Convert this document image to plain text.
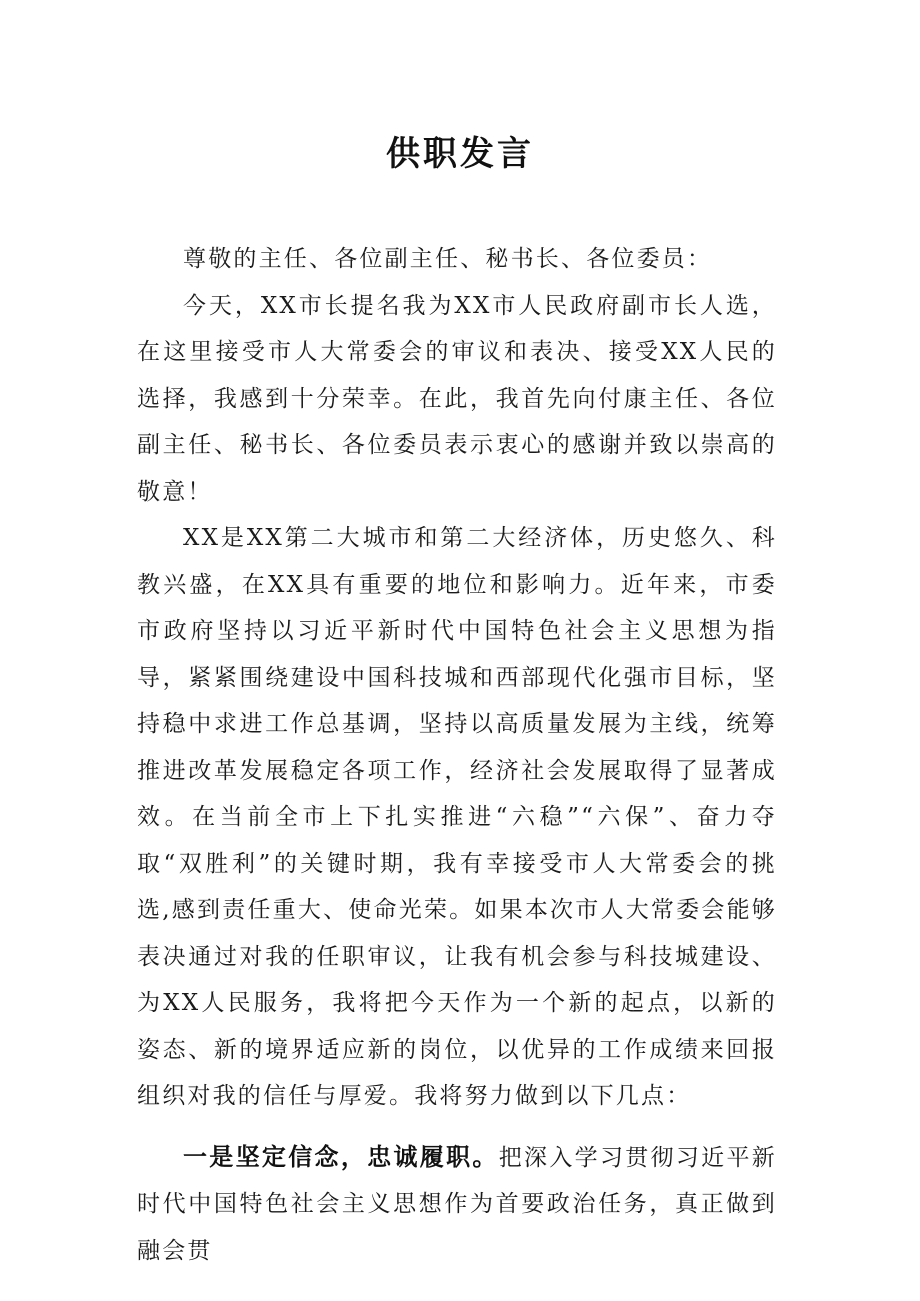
供职发言

尊敬的主任、各位副主任、秘书长、各位委员：

今天，XX市长提名我为XX市人民政府副市长人选，在这里接受市人大常委会的审议和表决、接受XX人民的选择，我感到十分荣幸。在此，我首先向付康主任、各位副主任、秘书长、各位委员表示衷心的感谢并致以崇高的敬意！

XX是XX第二大城市和第二大经济体，历史悠久、科教兴盛，在XX具有重要的地位和影响力。近年来，市委市政府坚持以习近平新时代中国特色社会主义思想为指导，紧紧围绕建设中国科技城和西部现代化强市目标，坚持稳中求进工作总基调，坚持以高质量发展为主线，统筹推进改革发展稳定各项工作，经济社会发展取得了显著成效。在当前全市上下扎实推进“六稳”“六保”、奋力夺取“双胜利”的关键时期，我有幸接受市人大常委会的挑选,感到责任重大、使命光荣。如果本次市人大常委会能够表决通过对我的任职审议，让我有机会参与科技城建设、为XX人民服务，我将把今天作为一个新的起点，以新的姿态、新的境界适应新的岗位，以优异的工作成绩来回报组织对我的信任与厚爱。我将努力做到以下几点：

一是坚定信念，忠诚履职。把深入学习贯彻习近平新时代中国特色社会主义思想作为首要政治任务，真正做到融会贯
